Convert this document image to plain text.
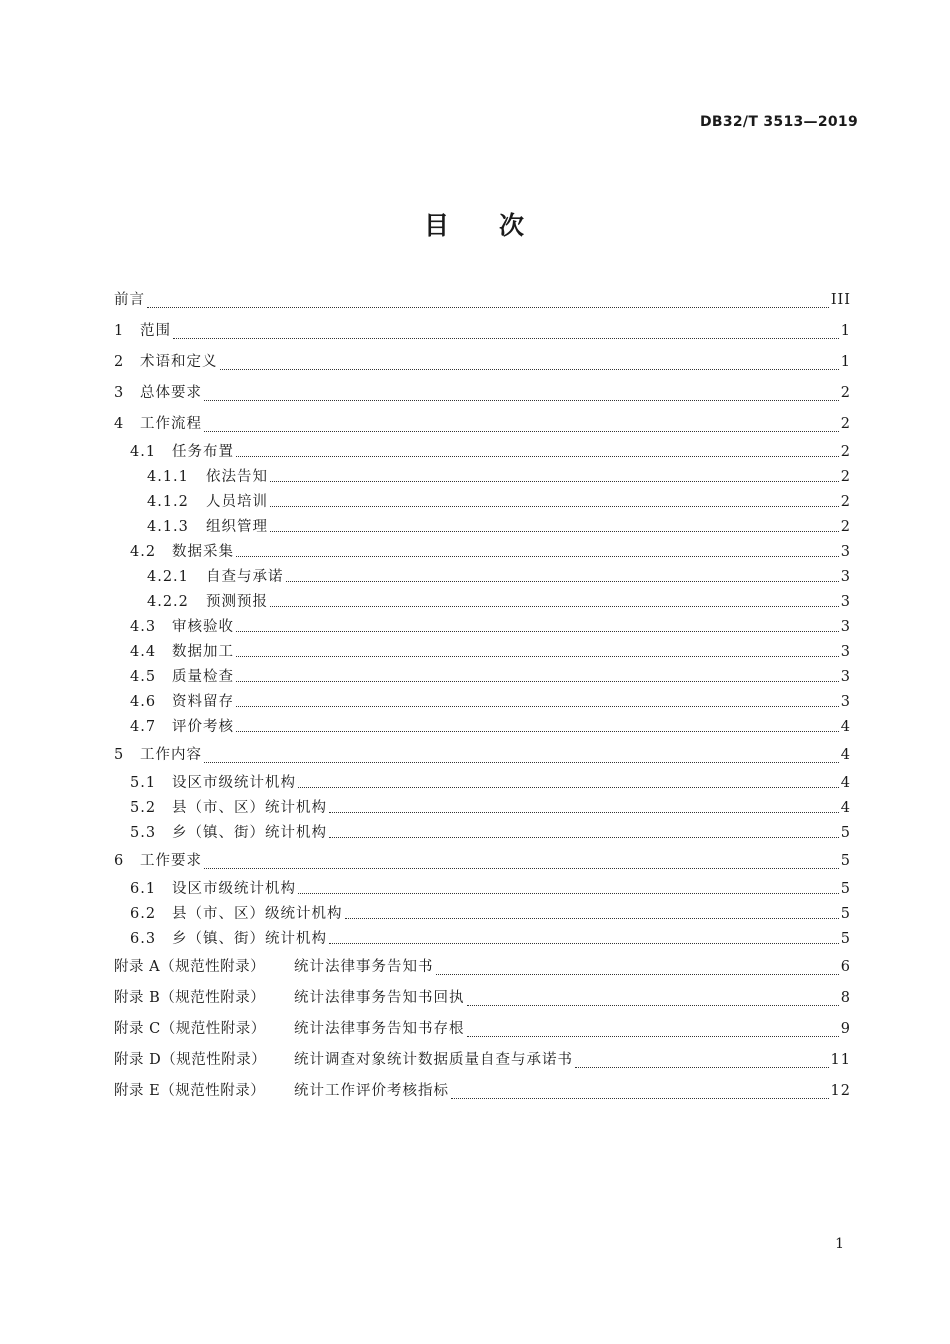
DB32/T 3513—2019
目 次
前言	III
1	范围	1
2	术语和定义	1
3	总体要求	2
4	工作流程	2
4.1	任务布置	2
4.1.1	依法告知	2
4.1.2	人员培训	2
4.1.3	组织管理	2
4.2	数据采集	3
4.2.1	自查与承诺	3
4.2.2	预测预报	3
4.3	审核验收	3
4.4	数据加工	3
4.5	质量检查	3
4.6	资料留存	3
4.7	评价考核	4
5	工作内容	4
5.1	设区市级统计机构	4
5.2	县（市、区）统计机构	4
5.3	乡（镇、街）统计机构	5
6	工作要求	5
6.1	设区市级统计机构	5
6.2	县（市、区）级统计机构	5
6.3	乡（镇、街）统计机构	5
附录 A（规范性附录）	统计法律事务告知书	6
附录 B（规范性附录）	统计法律事务告知书回执	8
附录 C（规范性附录）	统计法律事务告知书存根	9
附录 D（规范性附录）	统计调查对象统计数据质量自查与承诺书	11
附录 E（规范性附录）	统计工作评价考核指标	12
1
